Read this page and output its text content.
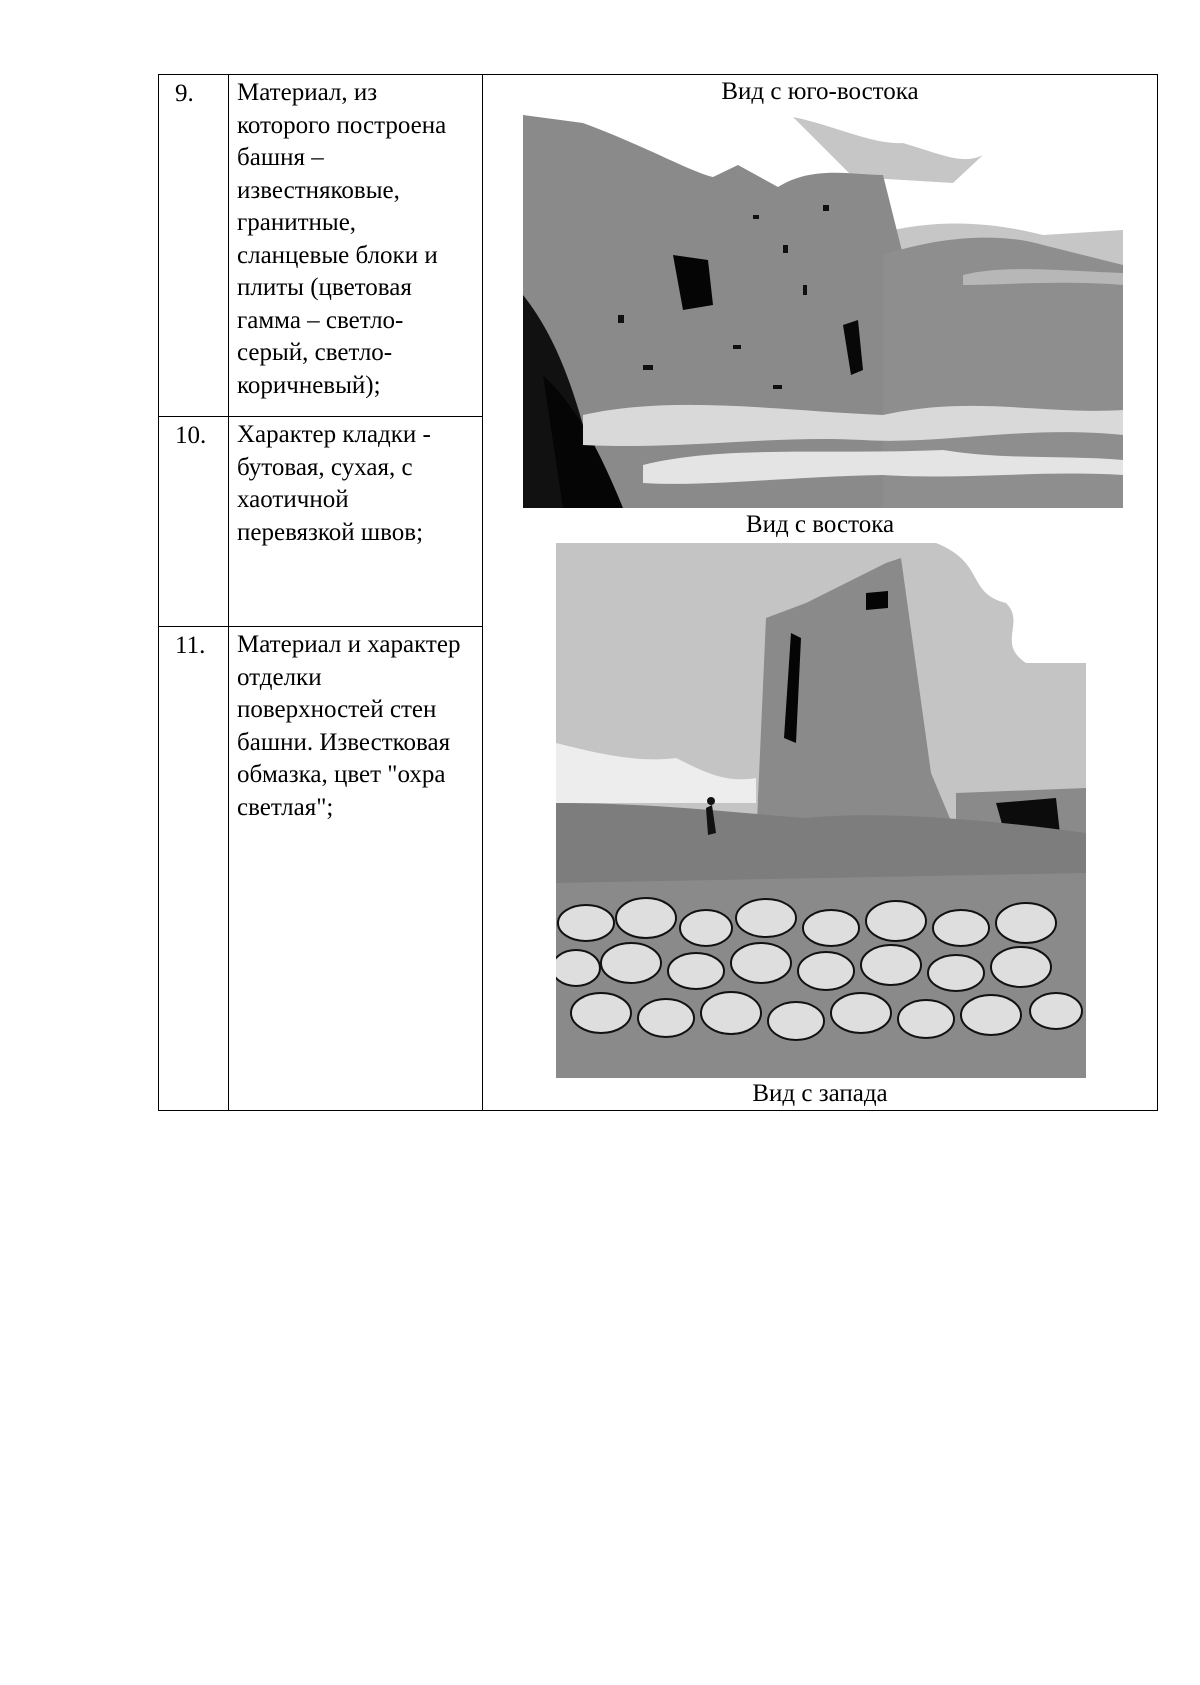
9.	Материал, из которого построена башня – известняковые, гранитные, сланцевые блоки и плиты (цветовая гамма – светло-серый, светло-коричневый);	Вид с юго-востока
Вид с востока
Вид с запада

10.	Характер кладки - бутовая, сухая, с хаотичной перевязкой швов;	
11.	Материал и характер отделки поверхностей стен башни. Известковая обмазка, цвет "охра светлая";	
